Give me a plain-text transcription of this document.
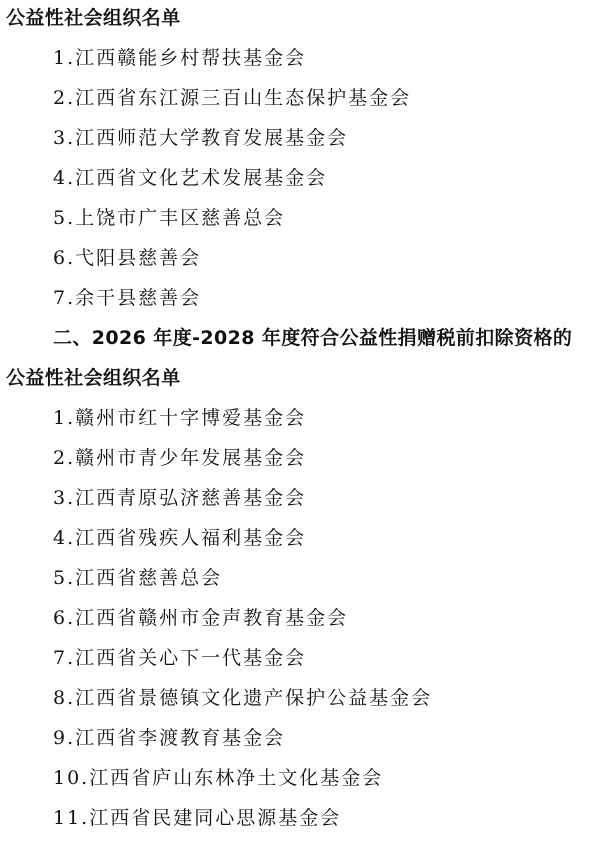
公益性社会组织名单
1.江西赣能乡村帮扶基金会
2.江西省东江源三百山生态保护基金会
3.江西师范大学教育发展基金会
4.江西省文化艺术发展基金会
5.上饶市广丰区慈善总会
6.弋阳县慈善会
7.余干县慈善会
二、2026 年度-2028 年度符合公益性捐赠税前扣除资格的
公益性社会组织名单
1.赣州市红十字博爱基金会
2.赣州市青少年发展基金会
3.江西青原弘济慈善基金会
4.江西省残疾人福利基金会
5.江西省慈善总会
6.江西省赣州市金声教育基金会
7.江西省关心下一代基金会
8.江西省景德镇文化遗产保护公益基金会
9.江西省李渡教育基金会
10.江西省庐山东林净土文化基金会
11.江西省民建同心思源基金会
